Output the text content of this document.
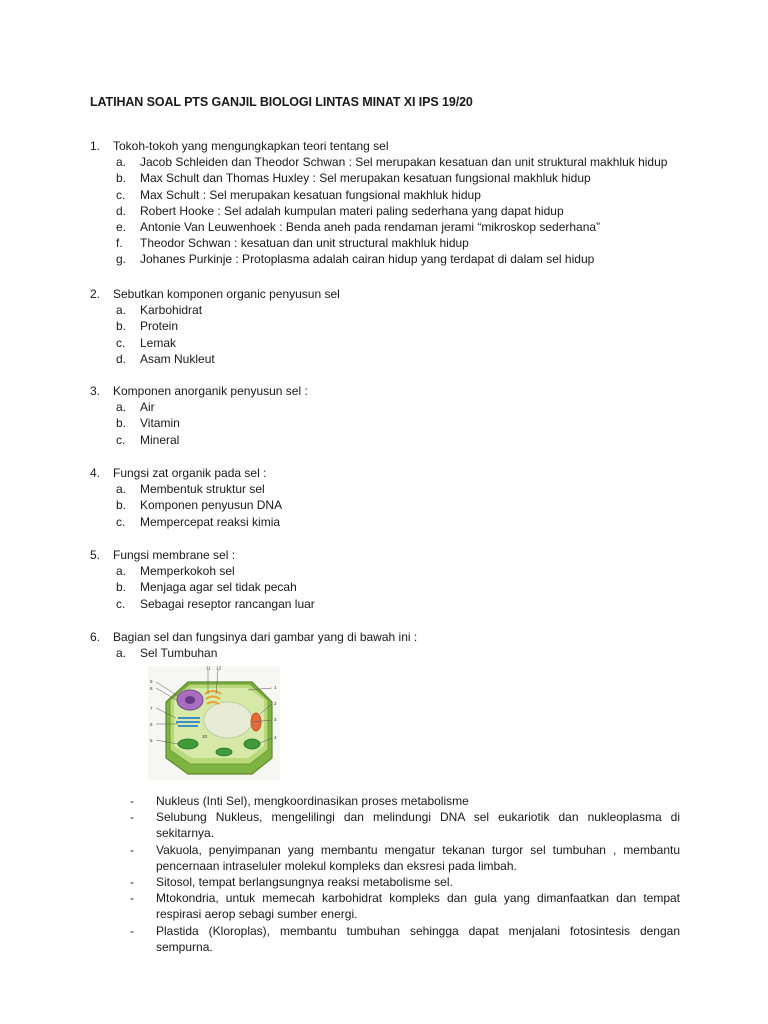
LATIHAN SOAL PTS GANJIL BIOLOGI LINTAS MINAT XI IPS 19/20
1.	Tokoh-tokoh yang mengungkapkan teori tentang sel
a.	Jacob Schleiden dan Theodor Schwan : Sel merupakan kesatuan dan unit struktural makhluk hidup
b.	Max Schult dan Thomas Huxley : Sel merupakan kesatuan fungsional makhluk hidup
c.	Max Schult : Sel merupakan kesatuan fungsional makhluk hidup
d.	Robert Hooke : Sel adalah kumpulan materi paling sederhana yang dapat hidup
e.	Antonie Van Leuwenhoek : Benda aneh pada rendaman jerami “mikroskop sederhana”
f.	Theodor Schwan : kesatuan dan unit structural makhluk hidup
g.	Johanes Purkinje : Protoplasma adalah cairan hidup yang terdapat di dalam sel hidup
2.	Sebutkan komponen organic penyusun sel
a.	Karbohidrat
b.	Protein
c.	Lemak
d.	Asam Nukleut
3.	Komponen anorganik penyusun sel :
a.	Air
b.	Vitamin
c.	Mineral
4.	Fungsi zat organik pada sel :
a.	Membentuk struktur sel
b.	Komponen penyusun DNA
c.	Mempercepat reaksi kimia
5.	Fungsi membrane sel :
a.	Memperkokoh sel
b.	Menjaga agar sel tidak pecah
c.	Sebagai reseptor rancangan luar
6.	Bagian sel dan fungsinya dari gambar yang di bawah ini :
a.	Sel Tumbuhan
11 12
9
8
7
6
5
1
2
3
4
10
-	Nukleus (Inti Sel), mengkoordinasikan proses metabolisme
-	Selubung Nukleus, mengelilingi dan melindungi DNA sel eukariotik dan nukleoplasma di sekitarnya.
-	Vakuola, penyimpanan yang membantu mengatur tekanan turgor sel tumbuhan , membantu pencernaan intraseluler molekul kompleks dan eksresi pada limbah.
-	Sitosol, tempat berlangsungnya reaksi metabolisme sel.
-	Mtokondria, untuk memecah karbohidrat kompleks dan gula yang dimanfaatkan dan tempat respirasi aerop sebagi sumber energi.
-	Plastida (Kloroplas), membantu tumbuhan sehingga dapat menjalani fotosintesis dengan sempurna.
